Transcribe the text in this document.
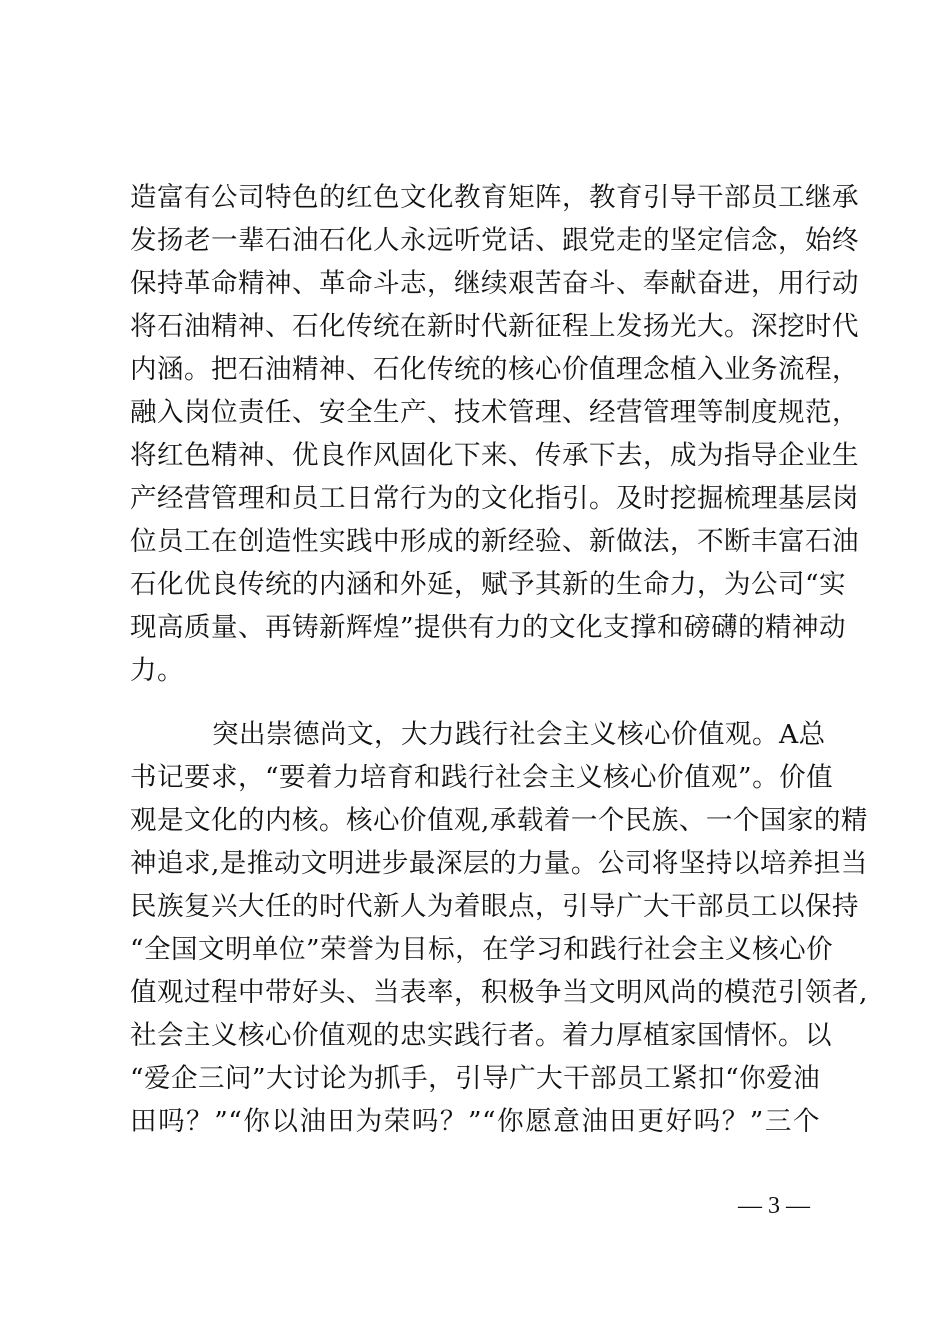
造富有公司特色的红色文化教育矩阵，教育引导干部员工继承
发扬老一辈石油石化人永远听党话、跟党走的坚定信念，始终
保持革命精神、革命斗志，继续艰苦奋斗、奉献奋进，用行动
将石油精神、石化传统在新时代新征程上发扬光大。深挖时代
内涵。把石油精神、石化传统的核心价值理念植入业务流程，
融入岗位责任、安全生产、技术管理、经营管理等制度规范，
将红色精神、优良作风固化下来、传承下去，成为指导企业生
产经营管理和员工日常行为的文化指引。及时挖掘梳理基层岗
位员工在创造性实践中形成的新经验、新做法，不断丰富石油
石化优良传统的内涵和外延，赋予其新的生命力，为公司“实
现高质量、再铸新辉煌”提供有力的文化支撑和磅礴的精神动
力。
突出崇德尚文，大力践行社会主义核心价值观。A总
书记要求，“要着力培育和践行社会主义核心价值观”。价值
观是文化的内核。核心价值观,承载着一个民族、一个国家的精
神追求,是推动文明进步最深层的力量。公司将坚持以培养担当
民族复兴大任的时代新人为着眼点，引导广大干部员工以保持
“全国文明单位”荣誉为目标，在学习和践行社会主义核心价
值观过程中带好头、当表率，积极争当文明风尚的模范引领者,
社会主义核心价值观的忠实践行者。着力厚植家国情怀。以
“爱企三问”大讨论为抓手，引导广大干部员工紧扣“你爱油
田吗？”“你以油田为荣吗？”“你愿意油田更好吗？”三个
— 3 —
